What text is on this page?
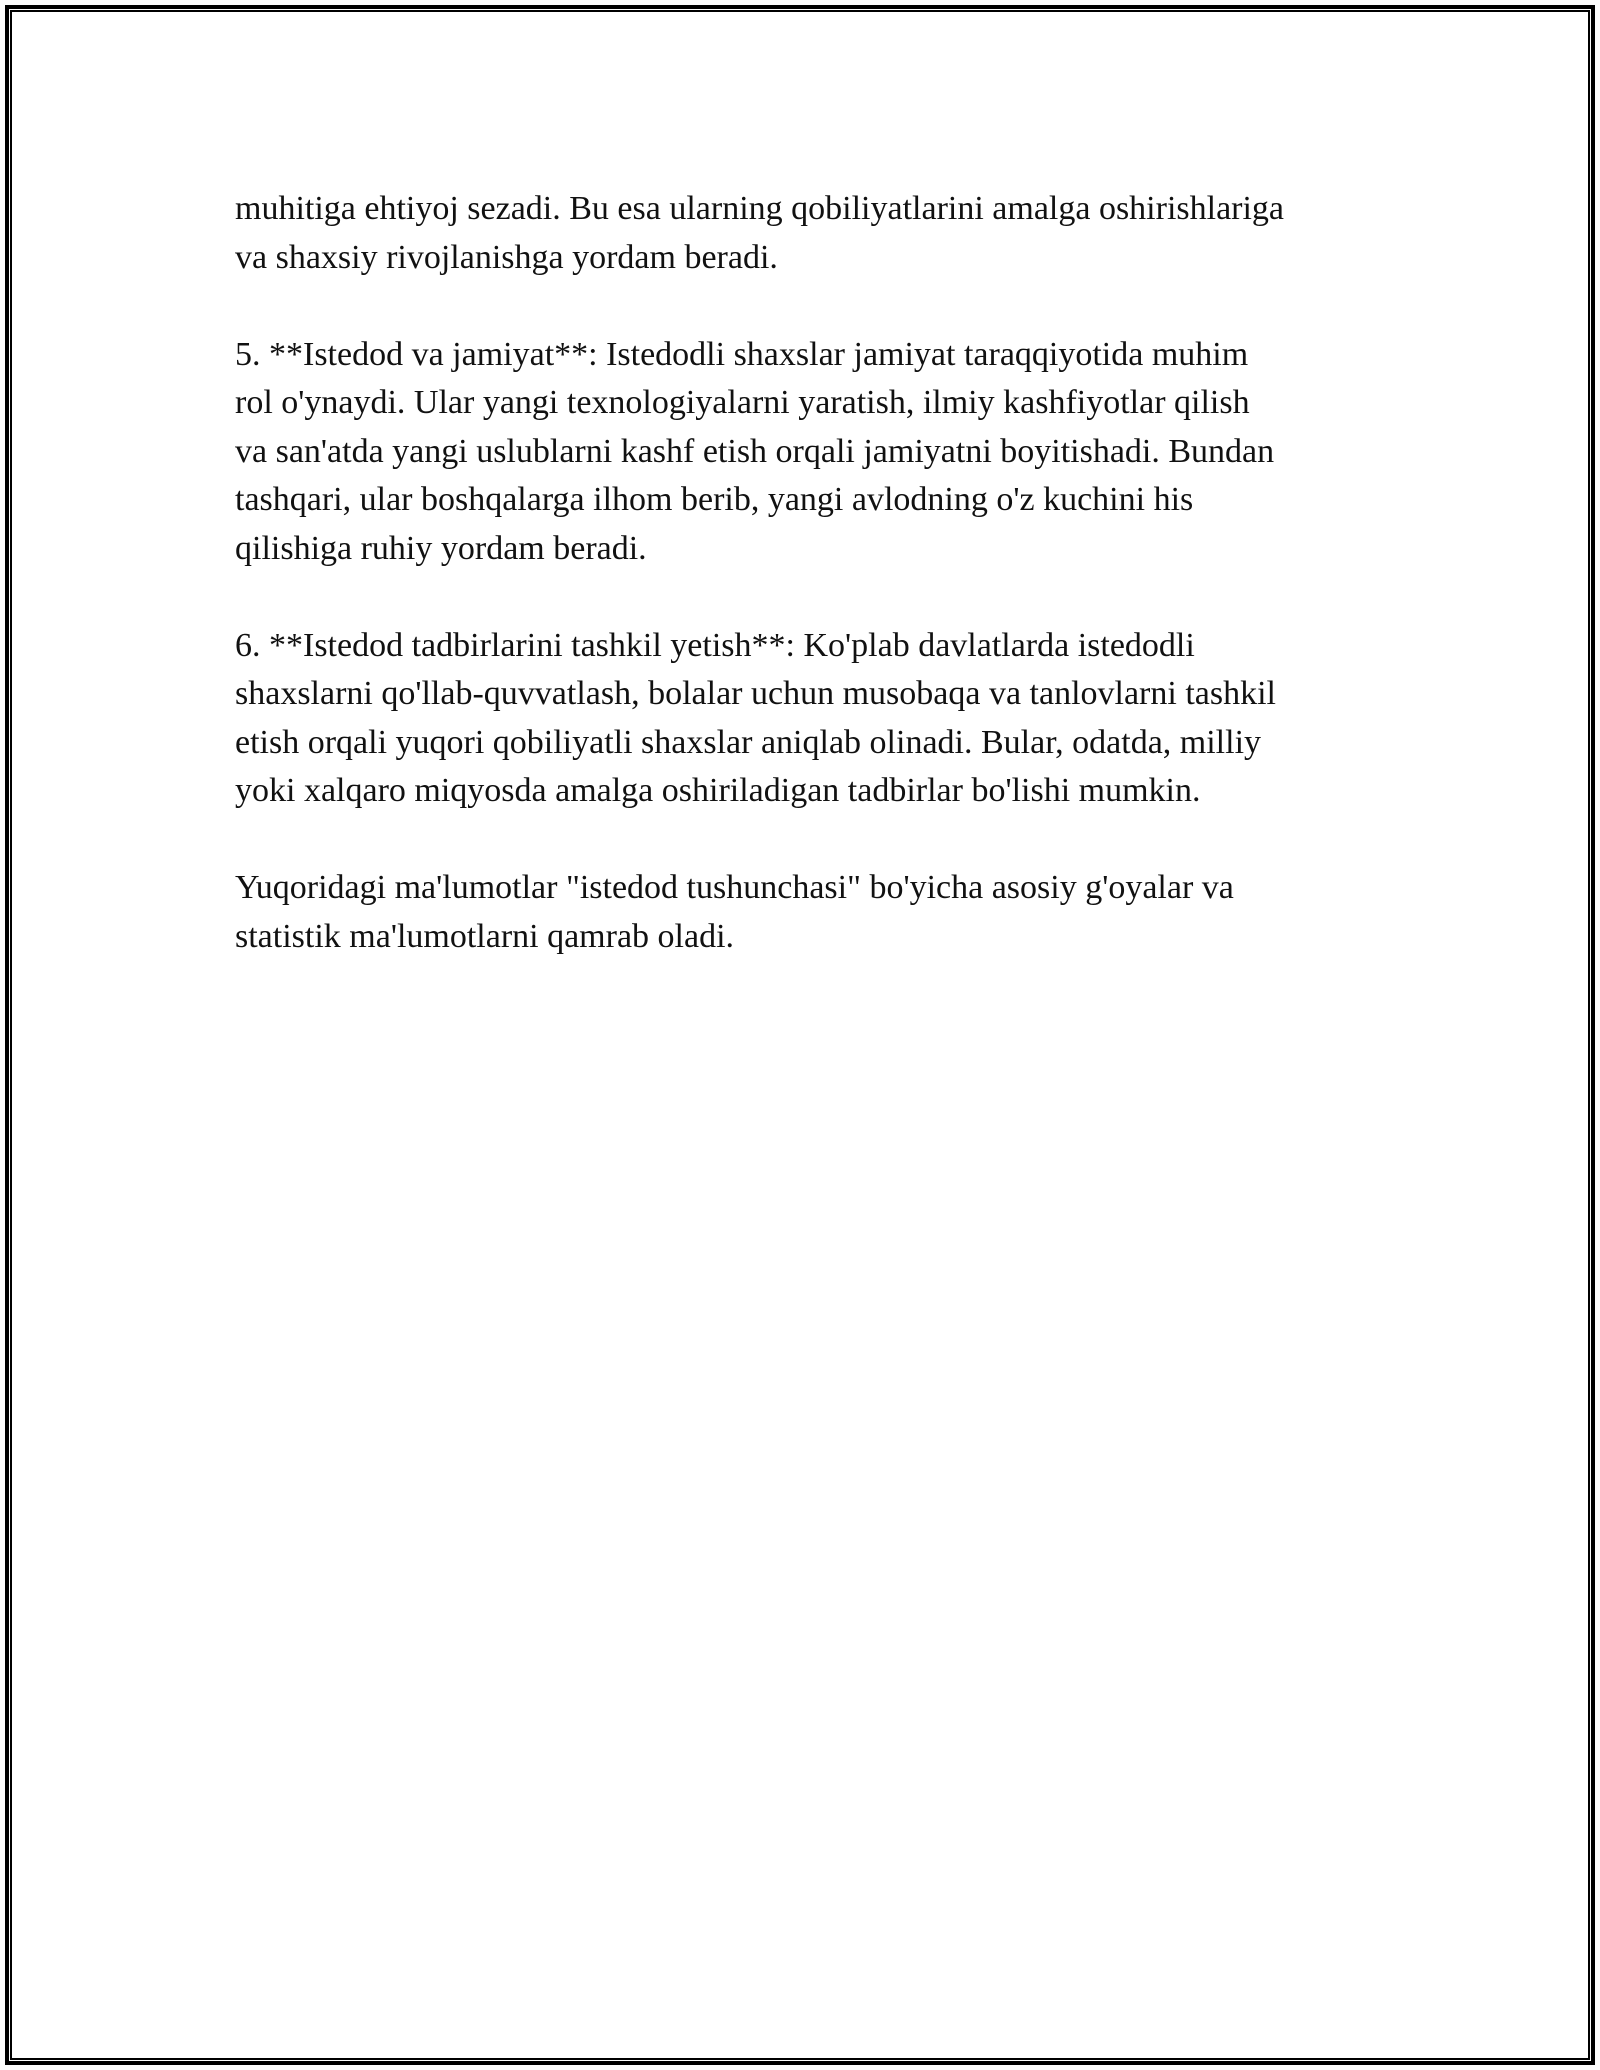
muhitiga ehtiyoj sezadi. Bu esa ularning qobiliyatlarini amalga oshirishlariga
va shaxsiy rivojlanishga yordam beradi.

5. **Istedod va jamiyat**: Istedodli shaxslar jamiyat taraqqiyotida muhim
rol o'ynaydi. Ular yangi texnologiyalarni yaratish, ilmiy kashfiyotlar qilish
va san'atda yangi uslublarni kashf etish orqali jamiyatni boyitishadi. Bundan
tashqari, ular boshqalarga ilhom berib, yangi avlodning o'z kuchini his
qilishiga ruhiy yordam beradi.

6. **Istedod tadbirlarini tashkil yetish**: Ko'plab davlatlarda istedodli
shaxslarni qo'llab-quvvatlash, bolalar uchun musobaqa va tanlovlarni tashkil
etish orqali yuqori qobiliyatli shaxslar aniqlab olinadi. Bular, odatda, milliy
yoki xalqaro miqyosda amalga oshiriladigan tadbirlar bo'lishi mumkin.

Yuqoridagi ma'lumotlar "istedod tushunchasi" bo'yicha asosiy g'oyalar va
statistik ma'lumotlarni qamrab oladi.
